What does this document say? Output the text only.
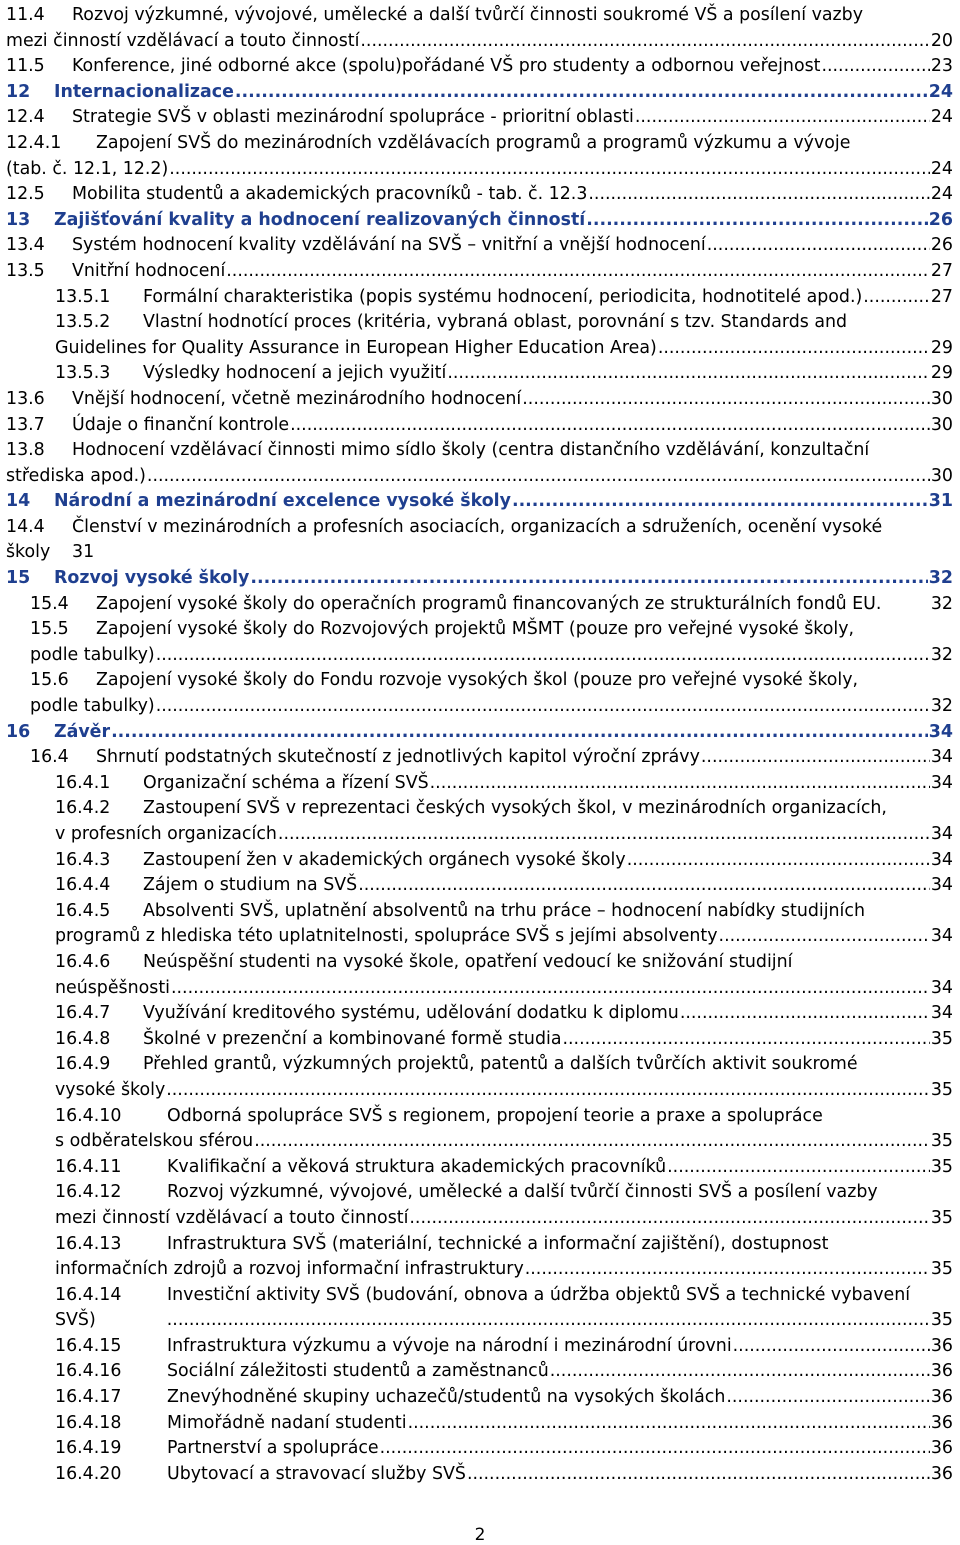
11.4	Rozvoj výzkumné, vývojové, umělecké a další tvůrčí činnosti soukromé VŠ a posílení vazby
mezi činností vzdělávací a touto činností .....	20
11.5	Konference, jiné odborné akce (spolu)pořádané VŠ pro studenty a odbornou veřejnost .....	23
12	Internacionalizace .....	24
12.4	Strategie SVŠ v oblasti mezinárodní spolupráce - prioritní oblasti .....	24
12.4.1	Zapojení SVŠ do mezinárodních vzdělávacích programů a programů výzkumu a vývoje
(tab. č. 12.1, 12.2) .....	24
12.5	Mobilita studentů a akademických pracovníků - tab. č. 12.3 .....	24
13	Zajišťování kvality a hodnocení realizovaných činností .....	26
13.4	Systém hodnocení kvality vzdělávání na SVŠ – vnitřní a vnější hodnocení .....	26
13.5	Vnitřní hodnocení .....	27
13.5.1	Formální charakteristika (popis systému hodnocení, periodicita, hodnotitelé apod.) .....	27
13.5.2	Vlastní hodnotící proces (kritéria, vybraná oblast, porovnání s tzv. Standards and
Guidelines for Quality Assurance in European Higher Education Area) .....	29
13.5.3	Výsledky hodnocení a jejich využití .....	29
13.6	Vnější hodnocení, včetně mezinárodního hodnocení .....	30
13.7	Údaje o finanční kontrole .....	30
13.8	Hodnocení vzdělávací činnosti mimo sídlo školy (centra distančního vzdělávání, konzultační
střediska apod.) .....	30
14	Národní a mezinárodní excelence vysoké školy .....	31
14.4	Členství v mezinárodních a profesních asociacích, organizacích a sdruženích, ocenění vysoké
školy	31
15	Rozvoj vysoké školy .....	32
15.4	Zapojení vysoké školy do operačních programů financovaných ze strukturálních fondů EU.	32
15.5	Zapojení vysoké školy do Rozvojových projektů MŠMT (pouze pro veřejné vysoké školy,
podle tabulky) .....	32
15.6	Zapojení vysoké školy do Fondu rozvoje vysokých škol (pouze pro veřejné vysoké školy,
podle tabulky) .....	32
16	Závěr .....	34
16.4	Shrnutí podstatných skutečností z jednotlivých kapitol výroční zprávy .....	34
16.4.1	Organizační schéma a řízení SVŠ .....	34
16.4.2	Zastoupení SVŠ v reprezentaci českých vysokých škol, v mezinárodních organizacích,
v profesních organizacích .....	34
16.4.3	Zastoupení žen v akademických orgánech vysoké školy .....	34
16.4.4	Zájem o studium na SVŠ .....	34
16.4.5	Absolventi SVŠ, uplatnění absolventů na trhu práce – hodnocení nabídky studijních
programů z hlediska této uplatnitelnosti, spolupráce SVŠ s jejími absolventy .....	34
16.4.6	Neúspěšní studenti na vysoké škole, opatření vedoucí ke snižování studijní
neúspěšnosti .....	34
16.4.7	Využívání kreditového systému, udělování dodatku k diplomu .....	34
16.4.8	Školné v prezenční a kombinované formě studia .....	35
16.4.9	Přehled grantů, výzkumných projektů, patentů a dalších tvůrčích aktivit soukromé
vysoké školy .....	35
16.4.10	Odborná spolupráce SVŠ s regionem, propojení teorie a praxe a spolupráce
s odběratelskou sférou .....	35
16.4.11	Kvalifikační a věková struktura akademických pracovníků .....	35
16.4.12	Rozvoj výzkumné, vývojové, umělecké a další tvůrčí činnosti SVŠ a posílení vazby
mezi činností vzdělávací a touto činností .....	35
16.4.13	Infrastruktura SVŠ (materiální, technické a informační zajištění), dostupnost
informačních zdrojů a rozvoj informační infrastruktury .....	35
16.4.14	Investiční aktivity SVŠ (budování, obnova a údržba objektů SVŠ a technické vybavení
SVŠ) .....	35
16.4.15	Infrastruktura výzkumu a vývoje na národní i mezinárodní úrovni .....	36
16.4.16	Sociální záležitosti studentů a zaměstnanců .....	36
16.4.17	Znevýhodněné skupiny uchazečů/studentů na vysokých školách .....	36
16.4.18	Mimořádně nadaní studenti .....	36
16.4.19	Partnerství a spolupráce .....	36
16.4.20	Ubytovací a stravovací služby SVŠ .....	36
2
